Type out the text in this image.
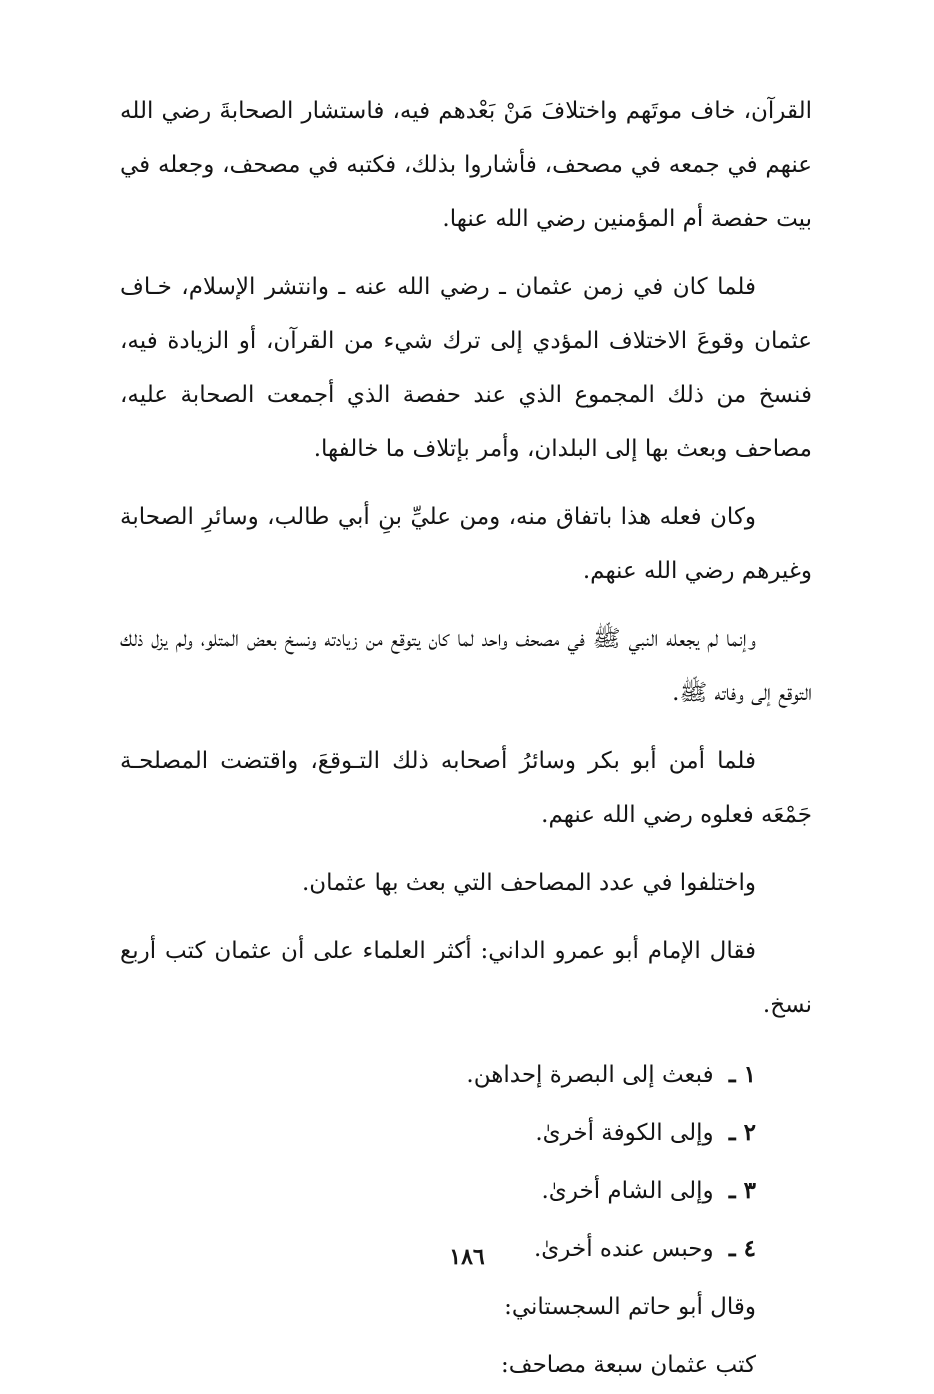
القرآن، خاف موتَهم واختلافَ مَنْ بَعْدهم فيه، فاستشار الصحابةَ رضي الله عنهم في جمعه في مصحف، فأشاروا بذلك، فكتبه في مصحف، وجعله في بيت حفصة أم المؤمنين رضي الله عنها.

فلما كان في زمن عثمان ـ رضي الله عنه ـ وانتشر الإسلام، خـاف عثمان وقوعَ الاختلاف المؤدي إلى ترك شيء من القرآن، أو الزيادة فيه، فنسخ من ذلك المجموع الذي عند حفصة الذي أجمعت الصحابة عليه، مصاحف وبعث بها إلى البلدان، وأمر بإتلاف ما خالفها.

وكان فعله هذا باتفاق منه، ومن عليِّ بنِ أبي طالب، وسائرِ الصحابة وغيرهم رضي الله عنهم.

وإنما لم يجعله النبي ﷺ في مصحف واحد لما كان يتوقع من زيادته ونسخ بعض المتلو، ولم يزل ذلك التوقع إلى وفاته ﷺ.

فلما أمن أبو بكر وسائرُ أصحابه ذلك التـوقعَ، واقتضت المصلحـة جَمْعَه فعلوه رضي الله عنهم.

واختلفوا في عدد المصاحف التي بعث بها عثمان.

فقال الإمام أبو عمرو الداني: أكثر العلماء على أن عثمان كتب أربع نسخ.

١ ـ فبعث إلى البصرة إحداهن.
٢ ـ وإلى الكوفة أخرىٰ.
٣ ـ وإلى الشام أخرىٰ.
٤ ـ وحبس عنده أخرىٰ.

وقال أبو حاتم السجستاني:

كتب عثمان سبعة مصاحف:

١٨٦
